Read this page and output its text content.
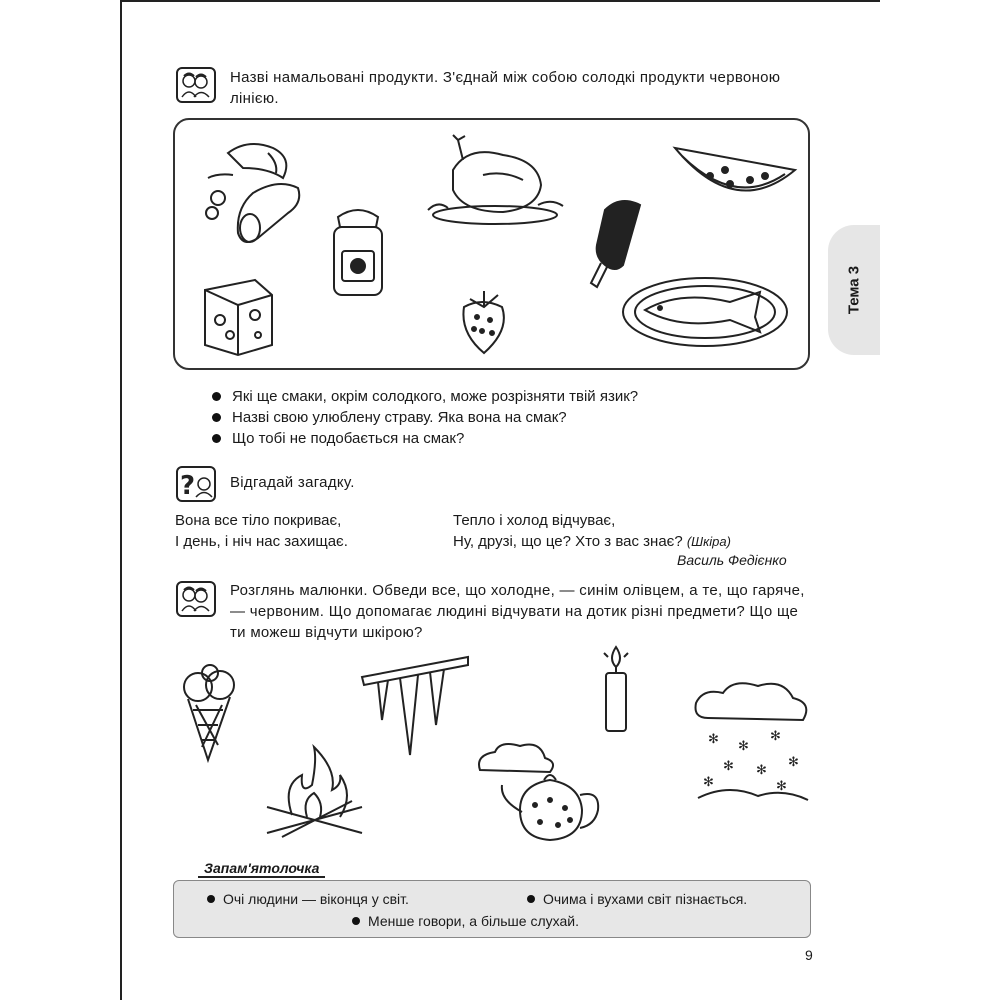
Тема 3
Назві намальовані продукти. З'єднай між собою солодкі продукти червоною лінією.
Які ще смаки, окрім солодкого, може розрізняти твій язик?
Назві свою улюблену страву. Яка вона на смак?
Що тобі не подобається на смак?
? Відгадай загадку.
Вона все тіло покриває,
І день, і ніч нас захищає.
Тепло і холод відчуває,
Ну, друзі, що це? Хто з вас знає? (Шкіра)
Василь Федієнко
Розглянь малюнки. Обведи все, що холодне, — синім олівцем, а те, що гаряче, — червоним. Що допомагає людині відчувати на дотик різні предмети? Що ще ти можеш відчути шкірою?
✻ ✻
✻
✻ ✻
✻
✻	✻
Запам'ятолочка
Очі людини — віконця у світ.	Очима і вухами світ пізнається.
Менше говори, а більше слухай.
9
